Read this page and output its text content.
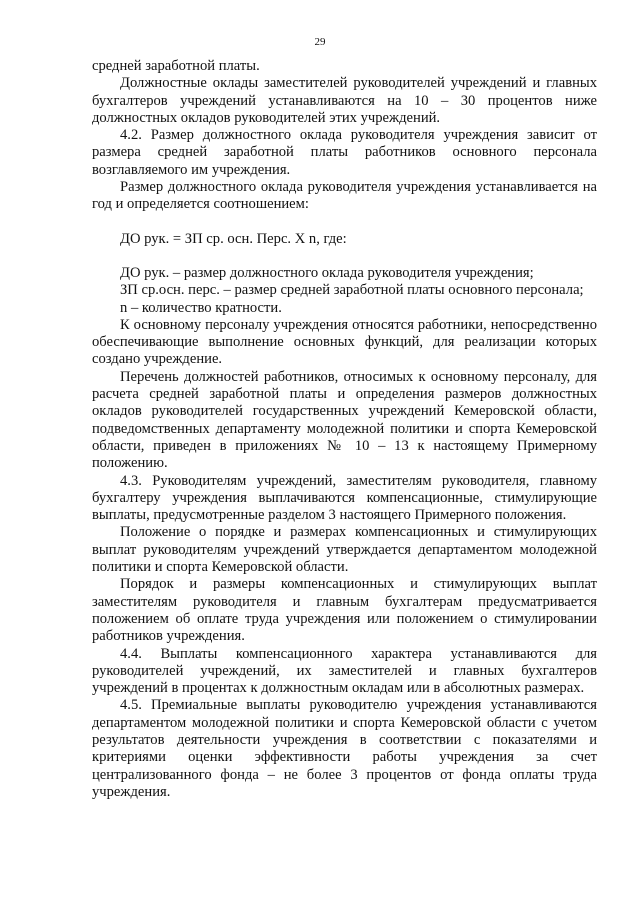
29

средней заработной платы.

Должностные оклады заместителей руководителей учреждений и главных бухгалтеров учреждений устанавливаются на 10 – 30 процентов ниже должностных окладов руководителей этих учреждений.

4.2. Размер должностного оклада руководителя учреждения зависит от размера средней заработной платы работников основного персонала возглавляемого им учреждения.

Размер должностного оклада руководителя учреждения устанавливается на год и определяется соотношением:

ДО рук. = ЗП ср. осн. Перс. Х n, где:

ДО рук. – размер должностного оклада руководителя учреждения;

ЗП ср.осн. перс. – размер средней заработной платы основного персонала;

n – количество кратности.

К основному персоналу учреждения относятся работники, непосредственно обеспечивающие выполнение основных функций, для реализации которых создано учреждение.

Перечень должностей работников, относимых к основному персоналу, для расчета средней заработной платы и определения размеров должностных окладов руководителей государственных учреждений Кемеровской области, подведомственных департаменту молодежной политики и спорта Кемеровской области, приведен в приложениях № 10 – 13 к настоящему Примерному положению.

4.3. Руководителям учреждений, заместителям руководителя, главному бухгалтеру учреждения выплачиваются компенсационные, стимулирующие выплаты, предусмотренные разделом 3 настоящего Примерного положения.

Положение о порядке и размерах компенсационных и стимулирующих выплат руководителям учреждений утверждается департаментом молодежной политики и спорта Кемеровской области.

Порядок и размеры компенсационных и стимулирующих выплат заместителям руководителя и главным бухгалтерам предусматривается положением об оплате труда учреждения или положением о стимулировании работников учреждения.

4.4. Выплаты компенсационного характера устанавливаются для руководителей учреждений, их заместителей и главных бухгалтеров учреждений в процентах к должностным окладам или в абсолютных размерах.

4.5. Премиальные выплаты руководителю учреждения устанавливаются департаментом молодежной политики и спорта Кемеровской области с учетом результатов деятельности учреждения в соответствии с показателями и критериями оценки эффективности работы учреждения за счет централизованного фонда – не более 3 процентов от фонда оплаты труда учреждения.
